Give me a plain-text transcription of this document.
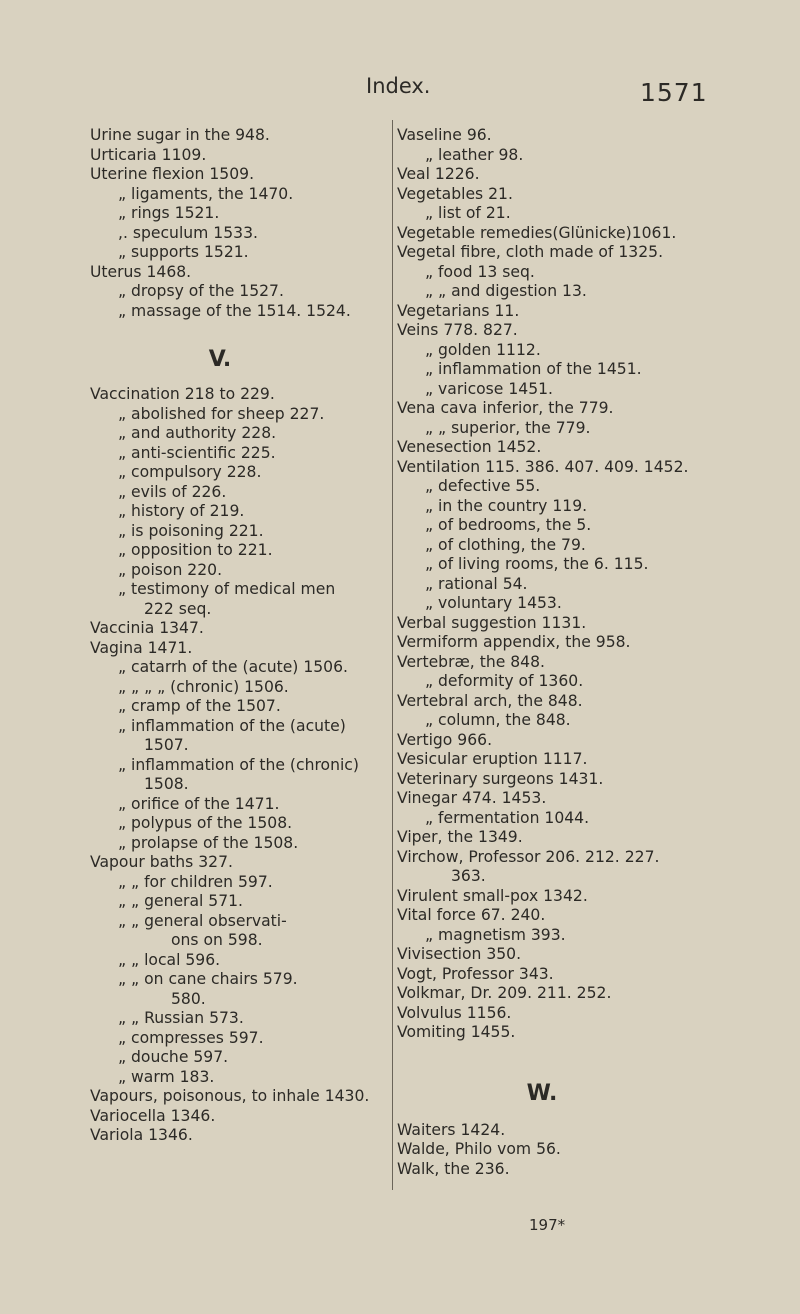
Index.	1571
Urine sugar in the 948.
Urticaria 1109.
Uterine flexion 1509.
„ ligaments, the 1470.
„ rings 1521.
,. speculum 1533.
„ supports 1521.
Uterus 1468.
„ dropsy of the 1527.
„ massage of the 1514. 1524.
V.
Vaccination 218 to 229.
„ abolished for sheep 227.
„ and authority 228.
„ anti-scientific 225.
„ compulsory 228.
„ evils of 226.
„ history of 219.
„ is poisoning 221.
„ opposition to 221.
„ poison 220.
„ testimony of medical men
222 seq.
Vaccinia 1347.
Vagina 1471.
„ catarrh of the (acute) 1506.
„ „ „ „ (chronic) 1506.
„ cramp of the 1507.
„ inflammation of the (acute)
1507.
„ inflammation of the (chronic)
1508.
„ orifice of the 1471.
„ polypus of the 1508.
„ prolapse of the 1508.
Vapour baths 327.
„ „ for children 597.
„ „ general 571.
„ „ general observati-
ons on 598.
„ „ local 596.
„ „ on cane chairs 579.
580.
„ „ Russian 573.
„ compresses 597.
„ douche 597.
„ warm 183.
Vapours, poisonous, to inhale 1430.
Variocella 1346.
Variola 1346.
Vaseline 96.
„ leather 98.
Veal 1226.
Vegetables 21.
„ list of 21.
Vegetable remedies(Glünicke)1061.
Vegetal fibre, cloth made of 1325.
„ food 13 seq.
„ „ and digestion 13.
Vegetarians 11.
Veins 778. 827.
„ golden 1112.
„ inflammation of the 1451.
„ varicose 1451.
Vena cava inferior, the 779.
„ „ superior, the 779.
Venesection 1452.
Ventilation 115. 386. 407. 409. 1452.
„ defective 55.
„ in the country 119.
„ of bedrooms, the 5.
„ of clothing, the 79.
„ of living rooms, the 6. 115.
„ rational 54.
„ voluntary 1453.
Verbal suggestion 1131.
Vermiform appendix, the 958.
Vertebræ, the 848.
„ deformity of 1360.
Vertebral arch, the 848.
„ column, the 848.
Vertigo 966.
Vesicular eruption 1117.
Veterinary surgeons 1431.
Vinegar 474. 1453.
„ fermentation 1044.
Viper, the 1349.
Virchow, Professor 206. 212. 227.
363.
Virulent small-pox 1342.
Vital force 67. 240.
„ magnetism 393.
Vivisection 350.
Vogt, Professor 343.
Volkmar, Dr. 209. 211. 252.
Volvulus 1156.
Vomiting 1455.
W.
Waiters 1424.
Walde, Philo vom 56.
Walk, the 236.
197*
